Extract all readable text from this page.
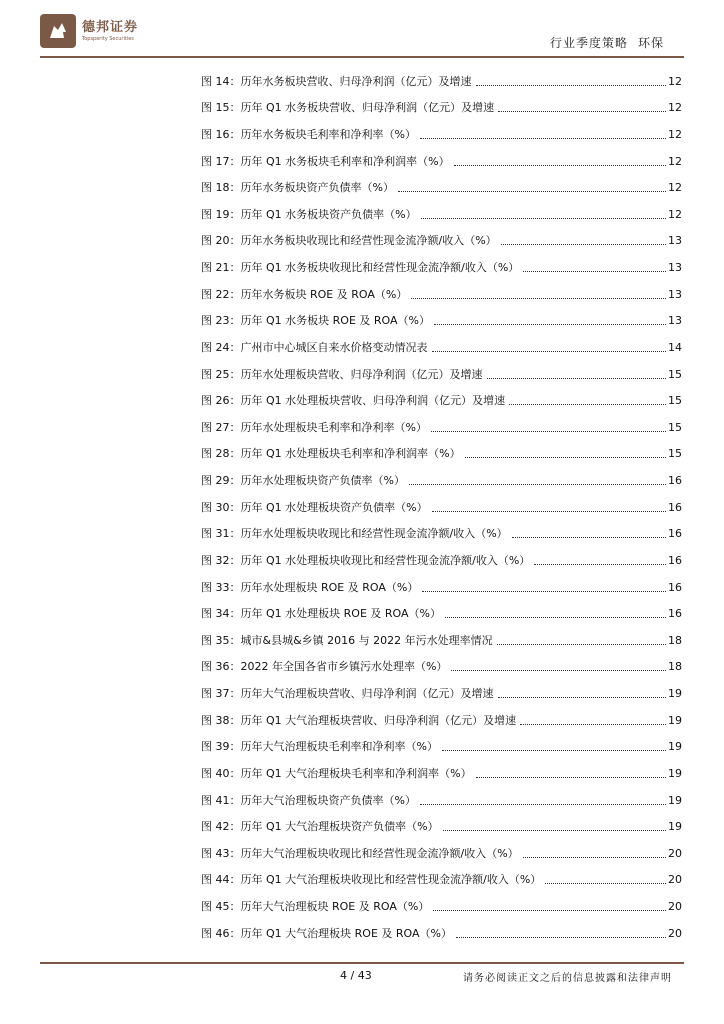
德邦证券
Topsperity Securities	行业季度策略 环保
图 14：历年水务板块营收、归母净利润（亿元）及增速	12
图 15：历年 Q1 水务板块营收、归母净利润（亿元）及增速	12
图 16：历年水务板块毛利率和净利率（%）	12
图 17：历年 Q1 水务板块毛利率和净利润率（%）	12
图 18：历年水务板块资产负债率（%）	12
图 19：历年 Q1 水务板块资产负债率（%）	12
图 20：历年水务板块收现比和经营性现金流净额/收入（%）	13
图 21：历年 Q1 水务板块收现比和经营性现金流净额/收入（%）	13
图 22：历年水务板块 ROE 及 ROA（%）	13
图 23：历年 Q1 水务板块 ROE 及 ROA（%）	13
图 24：广州市中心城区自来水价格变动情况表	14
图 25：历年水处理板块营收、归母净利润（亿元）及增速	15
图 26：历年 Q1 水处理板块营收、归母净利润（亿元）及增速	15
图 27：历年水处理板块毛利率和净利率（%）	15
图 28：历年 Q1 水处理板块毛利率和净利润率（%）	15
图 29：历年水处理板块资产负债率（%）	16
图 30：历年 Q1 水处理板块资产负债率（%）	16
图 31：历年水处理板块收现比和经营性现金流净额/收入（%）	16
图 32：历年 Q1 水处理板块收现比和经营性现金流净额/收入（%）	16
图 33：历年水处理板块 ROE 及 ROA（%）	16
图 34：历年 Q1 水处理板块 ROE 及 ROA（%）	16
图 35：城市&县城&乡镇 2016 与 2022 年污水处理率情况	18
图 36：2022 年全国各省市乡镇污水处理率（%）	18
图 37：历年大气治理板块营收、归母净利润（亿元）及增速	19
图 38：历年 Q1 大气治理板块营收、归母净利润（亿元）及增速	19
图 39：历年大气治理板块毛利率和净利率（%）	19
图 40：历年 Q1 大气治理板块毛利率和净利润率（%）	19
图 41：历年大气治理板块资产负债率（%）	19
图 42：历年 Q1 大气治理板块资产负债率（%）	19
图 43：历年大气治理板块收现比和经营性现金流净额/收入（%）	20
图 44：历年 Q1 大气治理板块收现比和经营性现金流净额/收入（%）	20
图 45：历年大气治理板块 ROE 及 ROA（%）	20
图 46：历年 Q1 大气治理板块 ROE 及 ROA（%）	20
4 / 43	请务必阅读正文之后的信息披露和法律声明
